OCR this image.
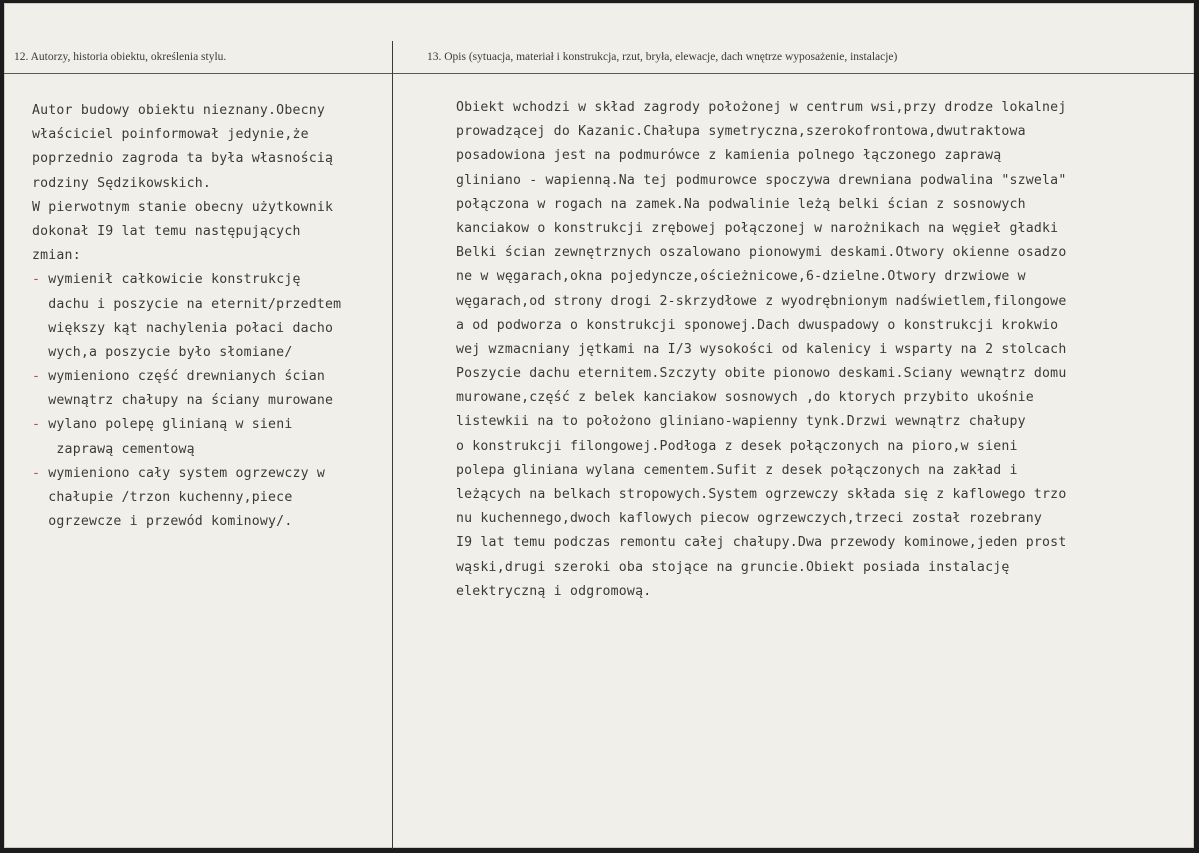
12. Autorzy, historia obiektu, określenia stylu.	13. Opis (sytuacja, materiał i konstrukcja, rzut, bryła, elewacje, dach wnętrze wyposażenie, instalacje)
Autor budowy obiektu nieznany.Obecny
właściciel poinformował jedynie,że
poprzednio zagroda ta była własnością
rodziny Sędzikowskich.
W pierwotnym stanie obecny użytkownik
dokonał I9 lat temu następujących
zmian:
- wymienił całkowicie konstrukcję
dachu i poszycie na eternit/przedtem
większy kąt nachylenia połaci dacho
wych,a poszycie było słomiane/
- wymieniono część drewnianych ścian
wewnątrz chałupy na ściany murowane
- wylano polepę glinianą w sieni
zaprawą cementową
- wymieniono cały system ogrzewczy w
chałupie /trzon kuchenny,piece
ogrzewcze i przewód kominowy/.
Obiekt wchodzi w skład zagrody położonej w centrum wsi,przy drodze lokalnej
prowadzącej do Kazanic.Chałupa symetryczna,szerokofrontowa,dwutraktowa
posadowiona jest na podmurówce z kamienia polnego łączonego zaprawą
gliniano - wapienną.Na tej podmurowce spoczywa drewniana podwalina "szwela"
połączona w rogach na zamek.Na podwalinie leżą belki ścian z sosnowych
kanciakow o konstrukcji zrębowej połączonej w narożnikach na węgieł gładki
Belki ścian zewnętrznych oszalowano pionowymi deskami.Otwory okienne osadzo
ne w węgarach,okna pojedyncze,ościeżnicowe,6-dzielne.Otwory drzwiowe w
węgarach,od strony drogi 2-skrzydłowe z wyodrębnionym nadświetlem,filongowe
a od podworza o konstrukcji sponowej.Dach dwuspadowy o konstrukcji krokwio
wej wzmacniany jętkami na I/3 wysokości od kalenicy i wsparty na 2 stolcach
Poszycie dachu eternitem.Szczyty obite pionowo deskami.Sciany wewnątrz domu
murowane,część z belek kanciakow sosnowych ,do ktorych przybito ukośnie
listewkii na to położono gliniano-wapienny tynk.Drzwi wewnątrz chałupy
o konstrukcji filongowej.Podłoga z desek połączonych na pioro,w sieni
polepa gliniana wylana cementem.Sufit z desek połączonych na zakład i
leżących na belkach stropowych.System ogrzewczy składa się z kaflowego trzo
nu kuchennego,dwoch kaflowych piecow ogrzewczych,trzeci został rozebrany
I9 lat temu podczas remontu całej chałupy.Dwa przewody kominowe,jeden prost
wąski,drugi szeroki oba stojące na gruncie.Obiekt posiada instalację
elektryczną i odgromową.
